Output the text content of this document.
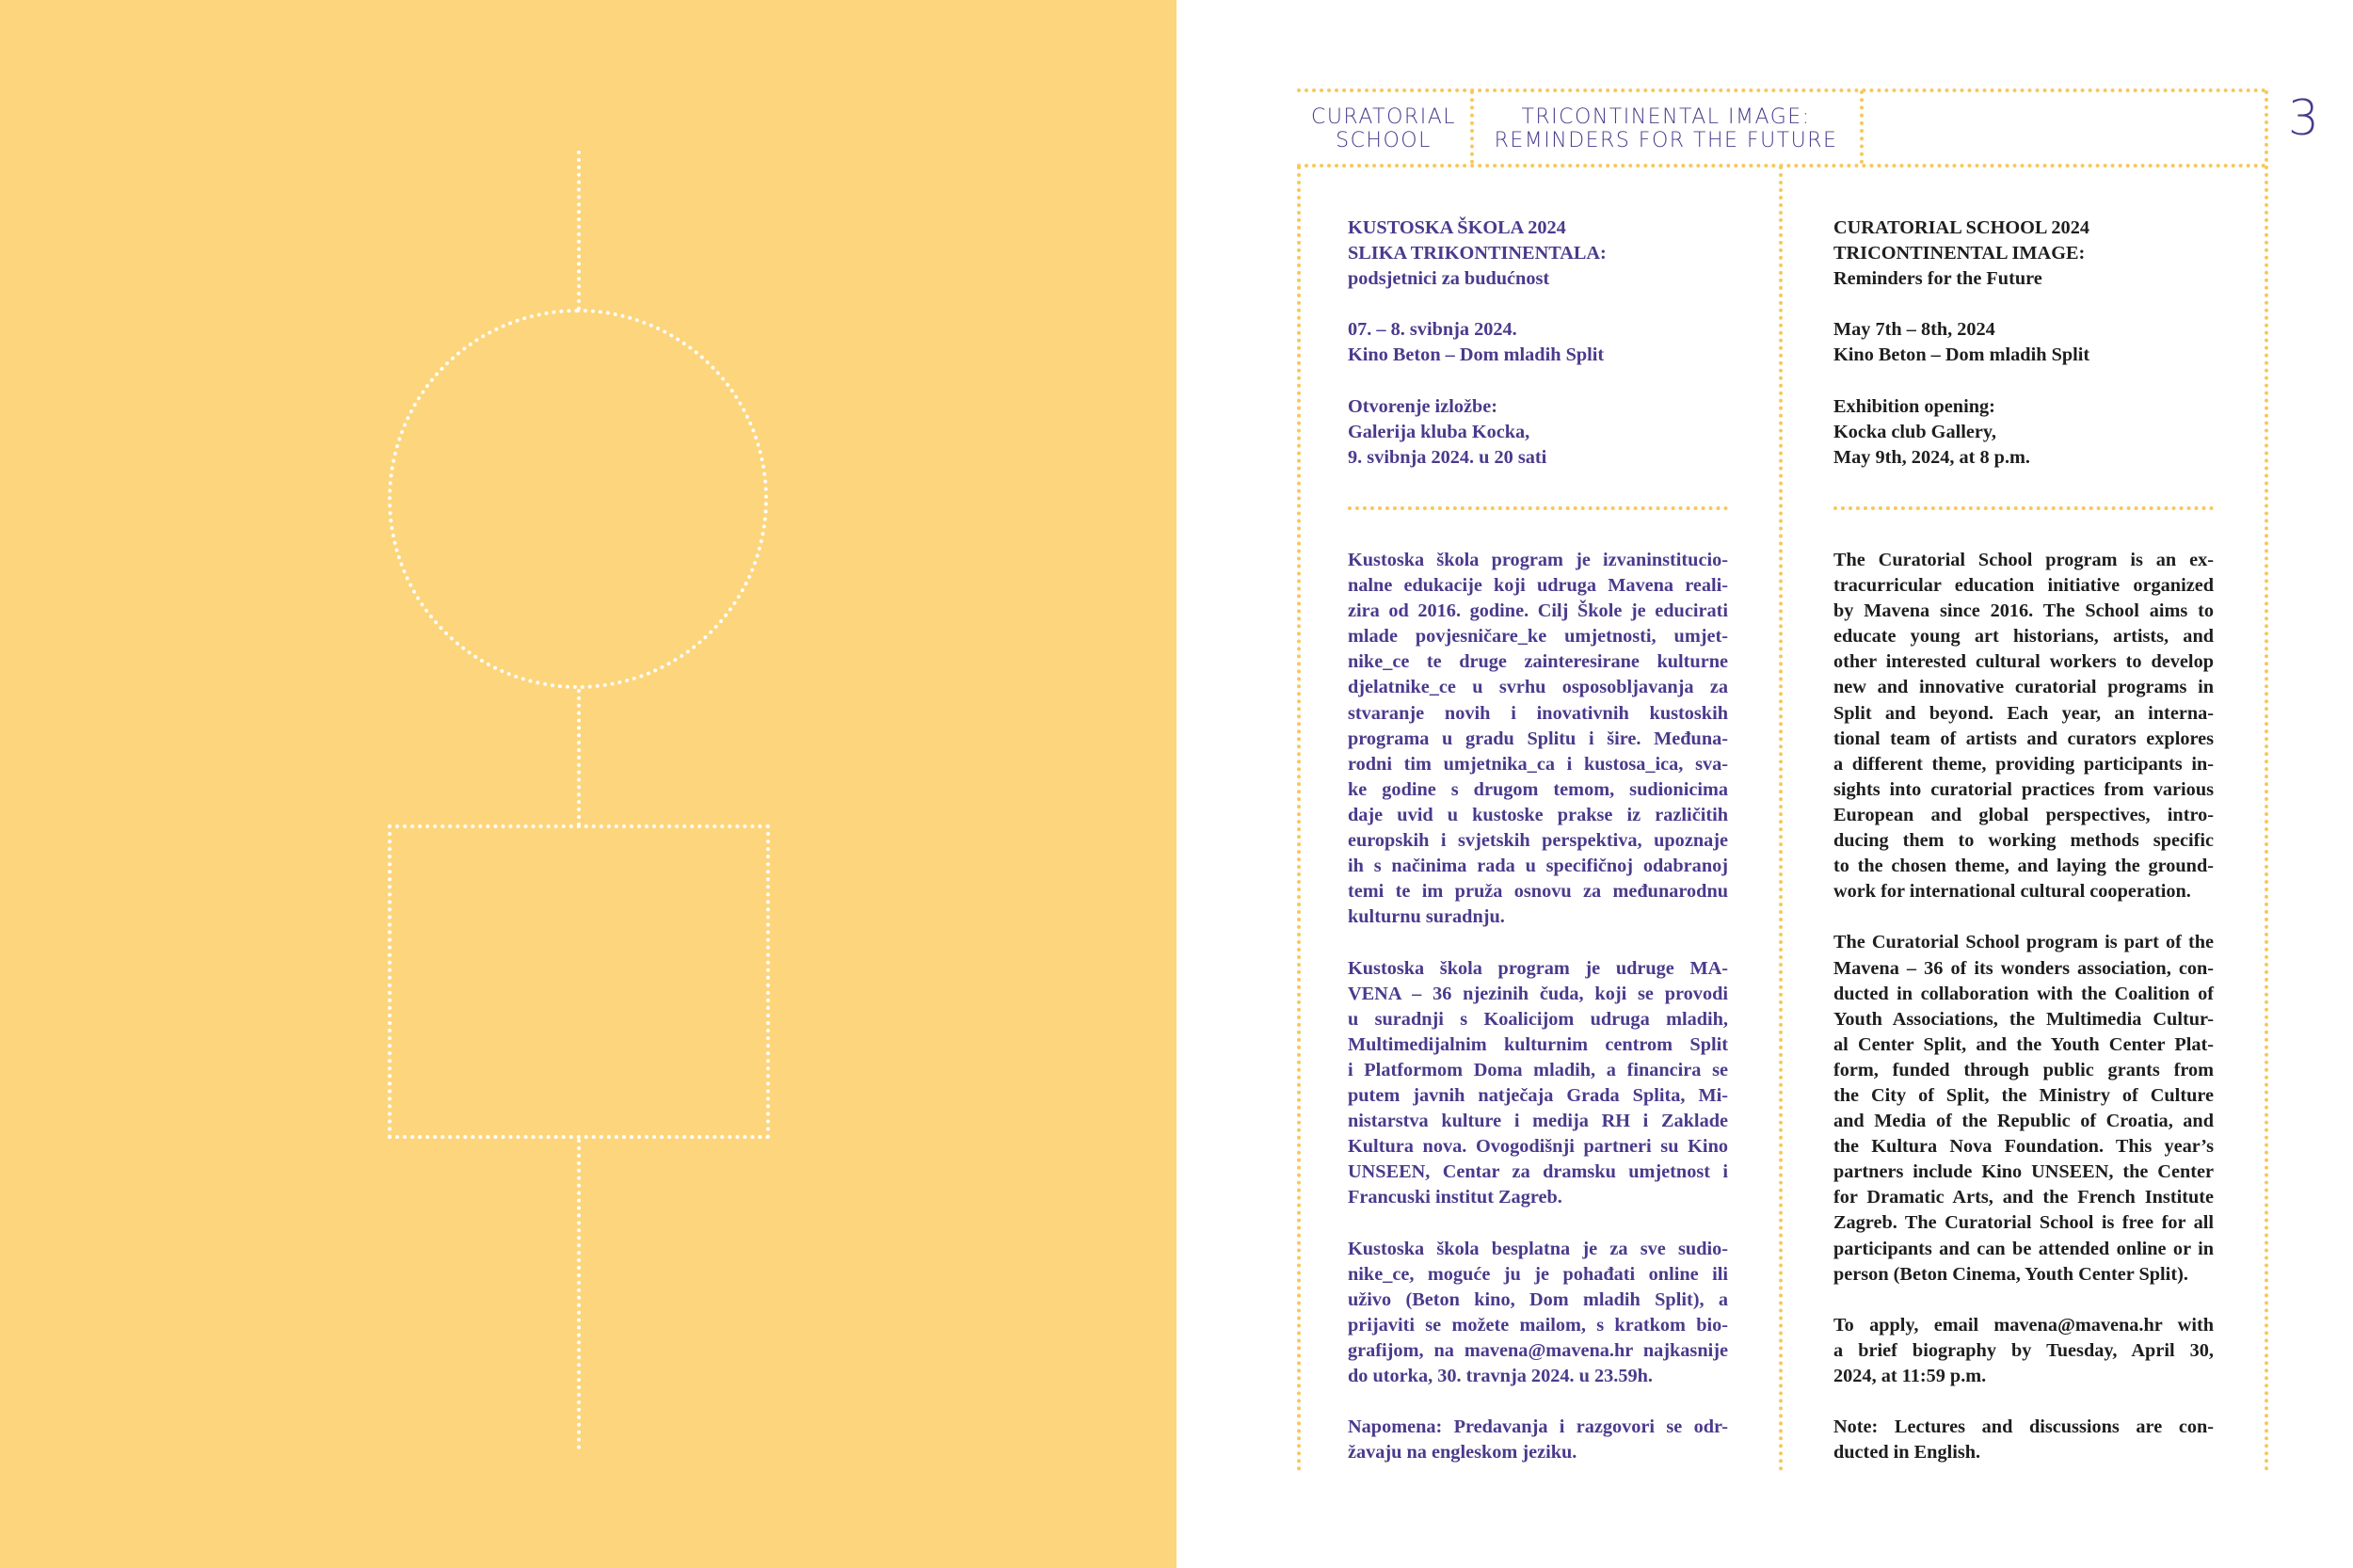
CURATORIAL
SCHOOL
TRICONTINENTAL IMAGE:
REMINDERS FOR THE FUTURE	3
KUSTOSKA ŠKOLA 2024
SLIKA TRIKONTINENTALA:
podsjetnici za budućnost
07. – 8. svibnja 2024.
Kino Beton – Dom mladih Split
Otvorenje izložbe:
Galerija kluba Kocka,
9. svibnja 2024. u 20 sati
Kustoska škola program je izvaninstitucio-
nalne edukacije koji udruga Mavena reali-
zira od 2016. godine. Cilj Škole je educirati
mlade povjesničare_ke umjetnosti, umjet-
nike_ce te druge zainteresirane kulturne
djelatnike_ce u svrhu osposobljavanja za
stvaranje novih i inovativnih kustoskih
programa u gradu Splitu i šire. Međuna-
rodni tim umjetnika_ca i kustosa_ica, sva-
ke godine s drugom temom, sudionicima
daje uvid u kustoske prakse iz različitih
europskih i svjetskih perspektiva, upoznaje
ih s načinima rada u specifičnoj odabranoj
temi te im pruža osnovu za međunarodnu
kulturnu suradnju.
Kustoska škola program je udruge MA-
VENA – 36 njezinih čuda, koji se provodi
u suradnji s Koalicijom udruga mladih,
Multimedijalnim kulturnim centrom Split
i Platformom Doma mladih, a financira se
putem javnih natječaja Grada Splita, Mi-
nistarstva kulture i medija RH i Zaklade
Kultura nova. Ovogodišnji partneri su Kino
UNSEEN, Centar za dramsku umjetnost i
Francuski institut Zagreb.
Kustoska škola besplatna je za sve sudio-
nike_ce, moguće ju je pohađati online ili
uživo (Beton kino, Dom mladih Split), a
prijaviti se možete mailom, s kratkom bio-
grafijom, na mavena@mavena.hr najkasnije
do utorka, 30. travnja 2024. u 23.59h.
Napomena: Predavanja i razgovori se odr-
žavaju na engleskom jeziku.
CURATORIAL SCHOOL 2024
TRICONTINENTAL IMAGE:
Reminders for the Future
May 7th – 8th, 2024
Kino Beton – Dom mladih Split
Exhibition opening:
Kocka club Gallery,
May 9th, 2024, at 8 p.m.
The Curatorial School program is an ex-
tracurricular education initiative organized
by Mavena since 2016. The School aims to
educate young art historians, artists, and
other interested cultural workers to develop
new and innovative curatorial programs in
Split and beyond. Each year, an interna-
tional team of artists and curators explores
a different theme, providing participants in-
sights into curatorial practices from various
European and global perspectives, intro-
ducing them to working methods specific
to the chosen theme, and laying the ground-
work for international cultural cooperation.
The Curatorial School program is part of the
Mavena – 36 of its wonders association, con-
ducted in collaboration with the Coalition of
Youth Associations, the Multimedia Cultur-
al Center Split, and the Youth Center Plat-
form, funded through public grants from
the City of Split, the Ministry of Culture
and Media of the Republic of Croatia, and
the Kultura Nova Foundation. This year’s
partners include Kino UNSEEN, the Center
for Dramatic Arts, and the French Institute
Zagreb. The Curatorial School is free for all
participants and can be attended online or in
person (Beton Cinema, Youth Center Split).
To apply, email mavena@mavena.hr with
a brief biography by Tuesday, April 30,
2024, at 11:59 p.m.
Note: Lectures and discussions are con-
ducted in English.
